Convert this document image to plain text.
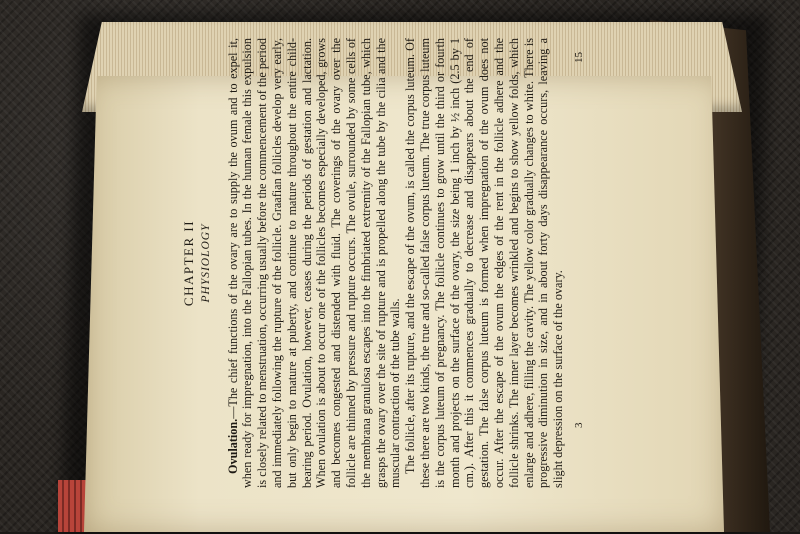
CHAPTER II PHYSIOLOGY

Ovulation.—The chief functions of the ovary are to supply the ovum and to expel it, when ready for impregnation, into the Fallopian tubes. In the human female this expulsion is closely related to menstruation, occurring usually before the commencement of the period and immediately following the rupture of the follicle. Graafian follicles develop very early, but only begin to mature at puberty, and continue to mature throughout the entire child-bearing period. Ovulation, however, ceases during the periods of gestation and lactation. When ovulation is about to occur one of the follicles becomes especially developed, grows and becomes congested and distended with fluid. The coverings of the ovary over the follicle are thinned by pressure and rupture occurs. The ovule, surrounded by some cells of the membrana granulosa escapes into the fimbriated extremity of the Fallopian tube, which grasps the ovary over the site of rupture and is propelled along the tube by the cilia and the muscular contraction of the tube walls. The follicle, after its rupture, and the escape of the ovum, is called the corpus luteum. Of these there are two kinds, the true and so-called false corpus luteum. The true corpus luteum is the corpus luteum of pregnancy. The follicle continues to grow until the third or fourth month and projects on the surface of the ovary, the size being 1 inch by ½ inch (2.5 by 1 cm.). After this it commences gradually to decrease and disappears about the end of gestation. The false corpus luteum is formed when impregnation of the ovum does not occur. After the escape of the ovum the edges of the rent in the follicle adhere and the follicle shrinks. The inner layer becomes wrinkled and begins to show yellow folds, which enlarge and adhere, filling the cavity. The yellow color gradually changes to white. There is progressive diminution in size, and in about forty days disappearance occurs, leaving a slight depression on the surface of the ovary. 3
15
